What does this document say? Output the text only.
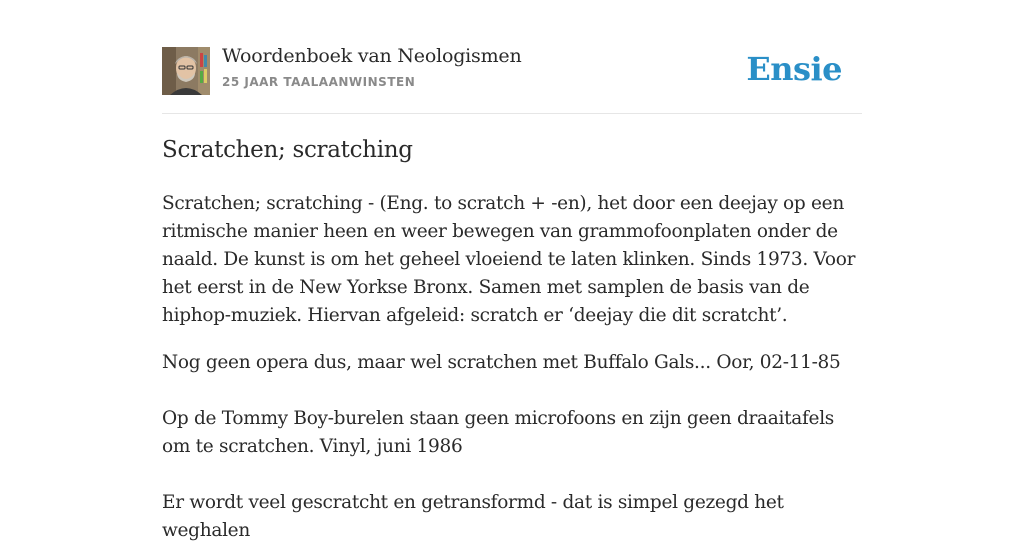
Woordenboek van Neologismen
25 JAAR TAALAANWINSTEN	Ensie
Scratchen; scratching

Scratchen; scratching - (Eng. to scratch + -en), het door een deejay op een ritmische manier heen en weer bewegen van grammofoonplaten onder de naald. De kunst is om het geheel vloeiend te laten klinken. Sinds 1973. Voor het eerst in de New Yorkse Bronx. Samen met samplen de basis van de hiphop-muziek. Hiervan afgeleid: scratch er ‘deejay die dit scratcht’.

Nog geen opera dus, maar wel scratchen met Buffalo Gals... Oor, 02-11-85

Op de Tommy Boy-burelen staan geen microfoons en zijn geen draaitafels om te scratchen. Vinyl, juni 1986

Er wordt veel gescratcht en getransformd - dat is simpel gezegd het weghalen
